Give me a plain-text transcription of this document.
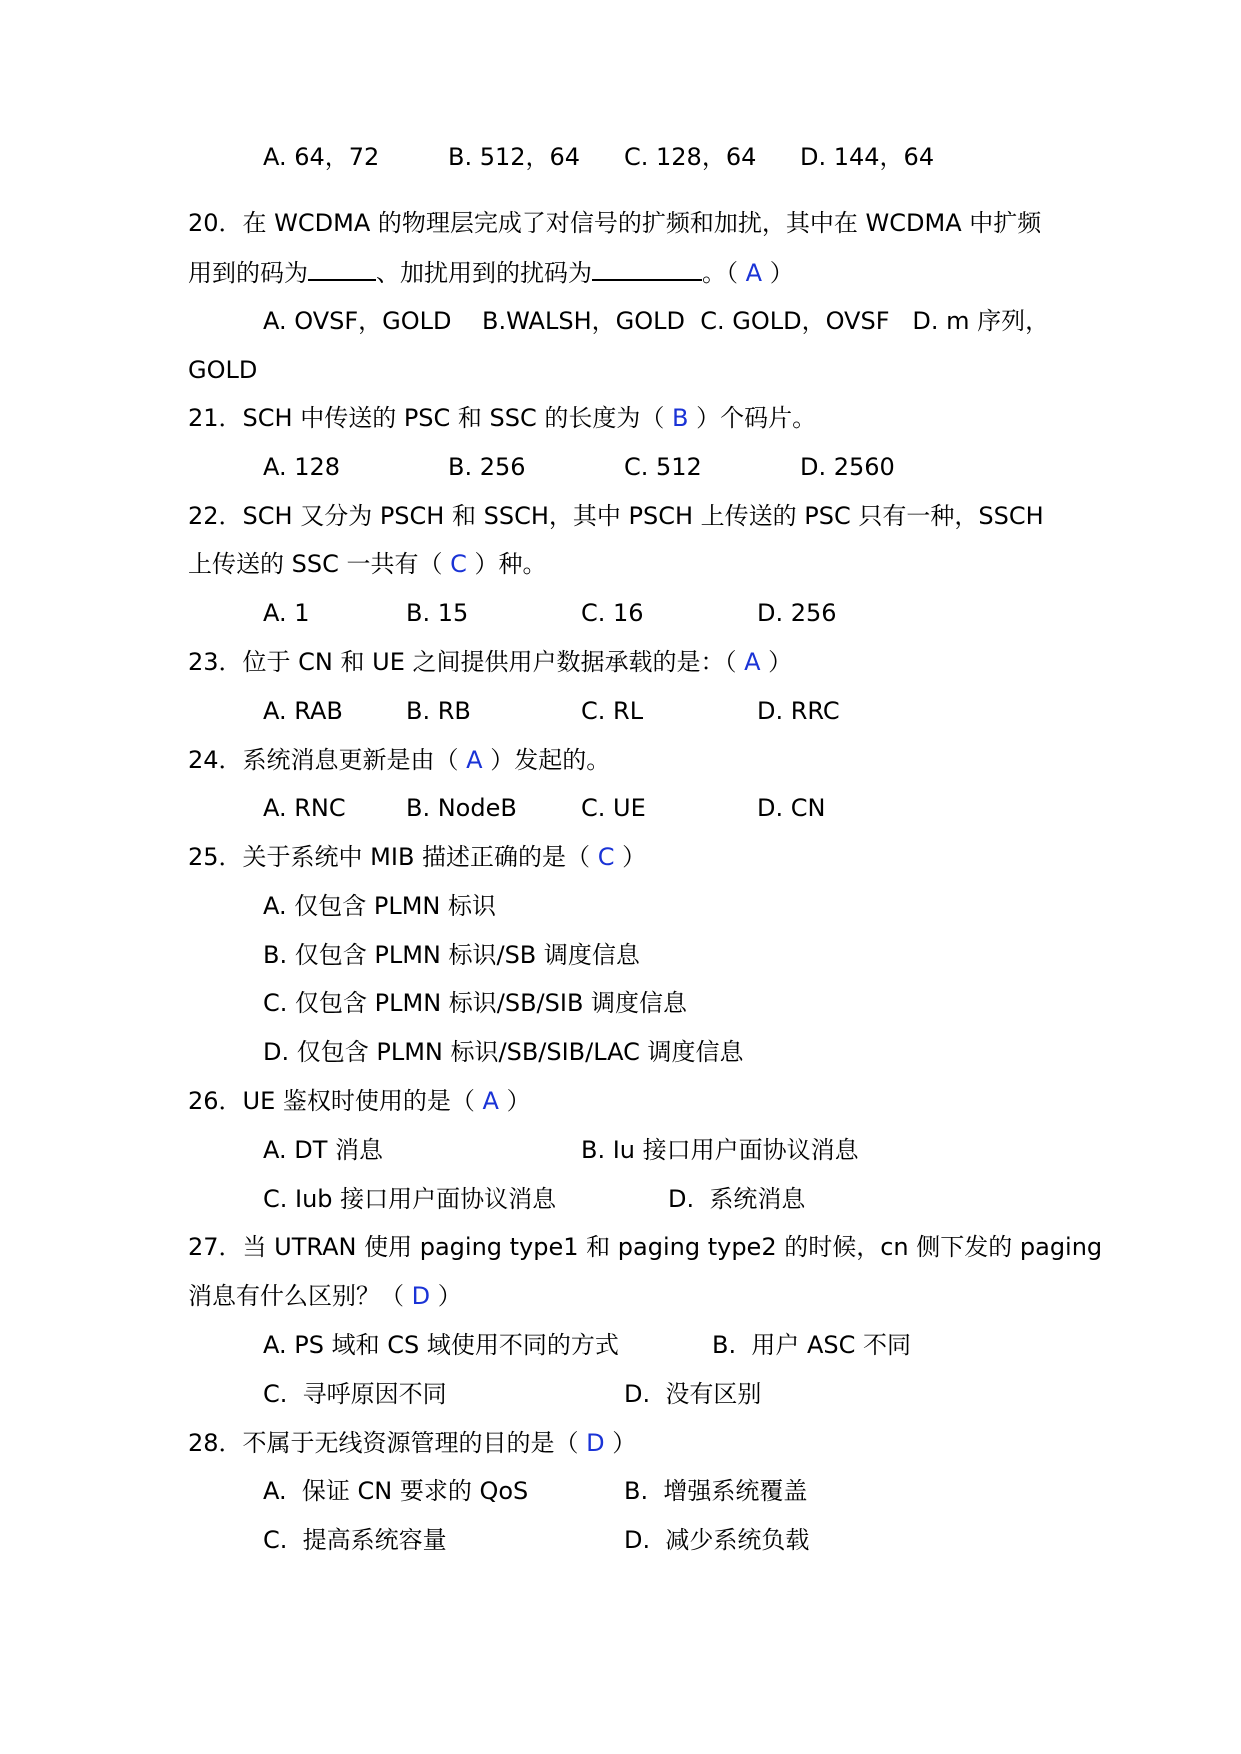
A. 64，72	B. 512，64 C. 128，64 D. 144，64
20．在 WCDMA 的物理层完成了对信号的扩频和加扰，其中在 WCDMA 中扩频
用到的码为	、加扰用到的扰码为	。（ A ）
A. OVSF，GOLD    B.WALSH，GOLD  C. GOLD，OVSF   D. m 序列，
GOLD
21．SCH 中传送的 PSC 和 SSC 的长度为（ B ）个码片。
A. 128	B. 256	C. 512	D. 2560
22．SCH 又分为 PSCH 和 SSCH，其中 PSCH 上传送的 PSC 只有一种，SSCH
上传送的 SSC 一共有（ C ）种。
A. 1	B. 15	C. 16	D. 256
23．位于 CN 和 UE 之间提供用户数据承载的是：（ A ）
A. RAB	B. RB	C. RL	D. RRC
24．系统消息更新是由（ A ）发起的。
A. RNC	B. NodeB	C. UE	D. CN
25．关于系统中 MIB 描述正确的是（ C ）
A. 仅包含 PLMN 标识
B. 仅包含 PLMN 标识/SB 调度信息
C. 仅包含 PLMN 标识/SB/SIB 调度信息
D. 仅包含 PLMN 标识/SB/SIB/LAC 调度信息
26．UE 鉴权时使用的是（ A ）
A. DT 消息	B. Iu 接口用户面协议消息
C. Iub 接口用户面协议消息	D.  系统消息
27．当 UTRAN 使用 paging type1 和 paging type2 的时候，cn 侧下发的 paging
消息有什么区别？（ D ）
A. PS 域和 CS 域使用不同的方式	B.  用户 ASC 不同
C.  寻呼原因不同	D.  没有区别
28．不属于无线资源管理的目的是（ D ）
A.  保证 CN 要求的 QoS	B.  增强系统覆盖
C.  提高系统容量	D.  减少系统负载
